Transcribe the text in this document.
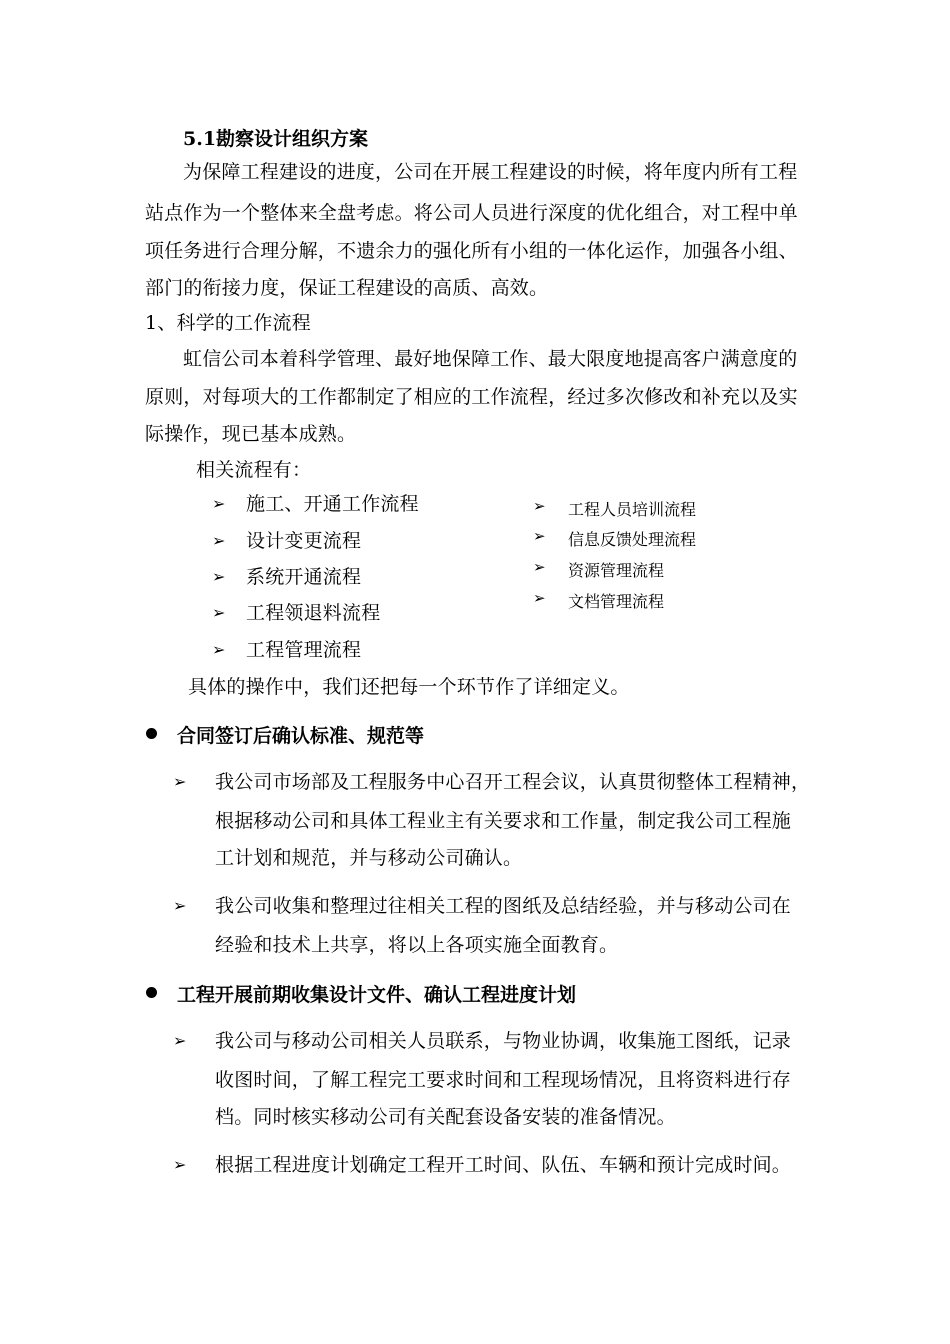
5.1勘察设计组织方案
为保障工程建设的进度，公司在开展工程建设的时候，将年度内所有工程
站点作为一个整体来全盘考虑。将公司人员进行深度的优化组合，对工程中单
项任务进行合理分解，不遗余力的强化所有小组的一体化运作，加强各小组、
部门的衔接力度，保证工程建设的高质、高效。
1、科学的工作流程
虹信公司本着科学管理、最好地保障工作、最大限度地提高客户满意度的
原则，对每项大的工作都制定了相应的工作流程，经过多次修改和补充以及实
际操作，现已基本成熟。
相关流程有：
➢ 施工、开通工作流程
➢ 设计变更流程
➢ 系统开通流程
➢ 工程领退料流程
➢ 工程管理流程
➢ 工程人员培训流程
➢ 信息反馈处理流程
➢ 资源管理流程
➢ 文档管理流程
具体的操作中，我们还把每一个环节作了详细定义。
合同签订后确认标准、规范等
➢ 我公司市场部及工程服务中心召开工程会议，认真贯彻整体工程精神，
根据移动公司和具体工程业主有关要求和工作量，制定我公司工程施
工计划和规范，并与移动公司确认。
➢ 我公司收集和整理过往相关工程的图纸及总结经验，并与移动公司在
经验和技术上共享，将以上各项实施全面教育。
工程开展前期收集设计文件、确认工程进度计划
➢ 我公司与移动公司相关人员联系，与物业协调，收集施工图纸，记录
收图时间，了解工程完工要求时间和工程现场情况，且将资料进行存
档。同时核实移动公司有关配套设备安装的准备情况。
➢ 根据工程进度计划确定工程开工时间、队伍、车辆和预计完成时间。
